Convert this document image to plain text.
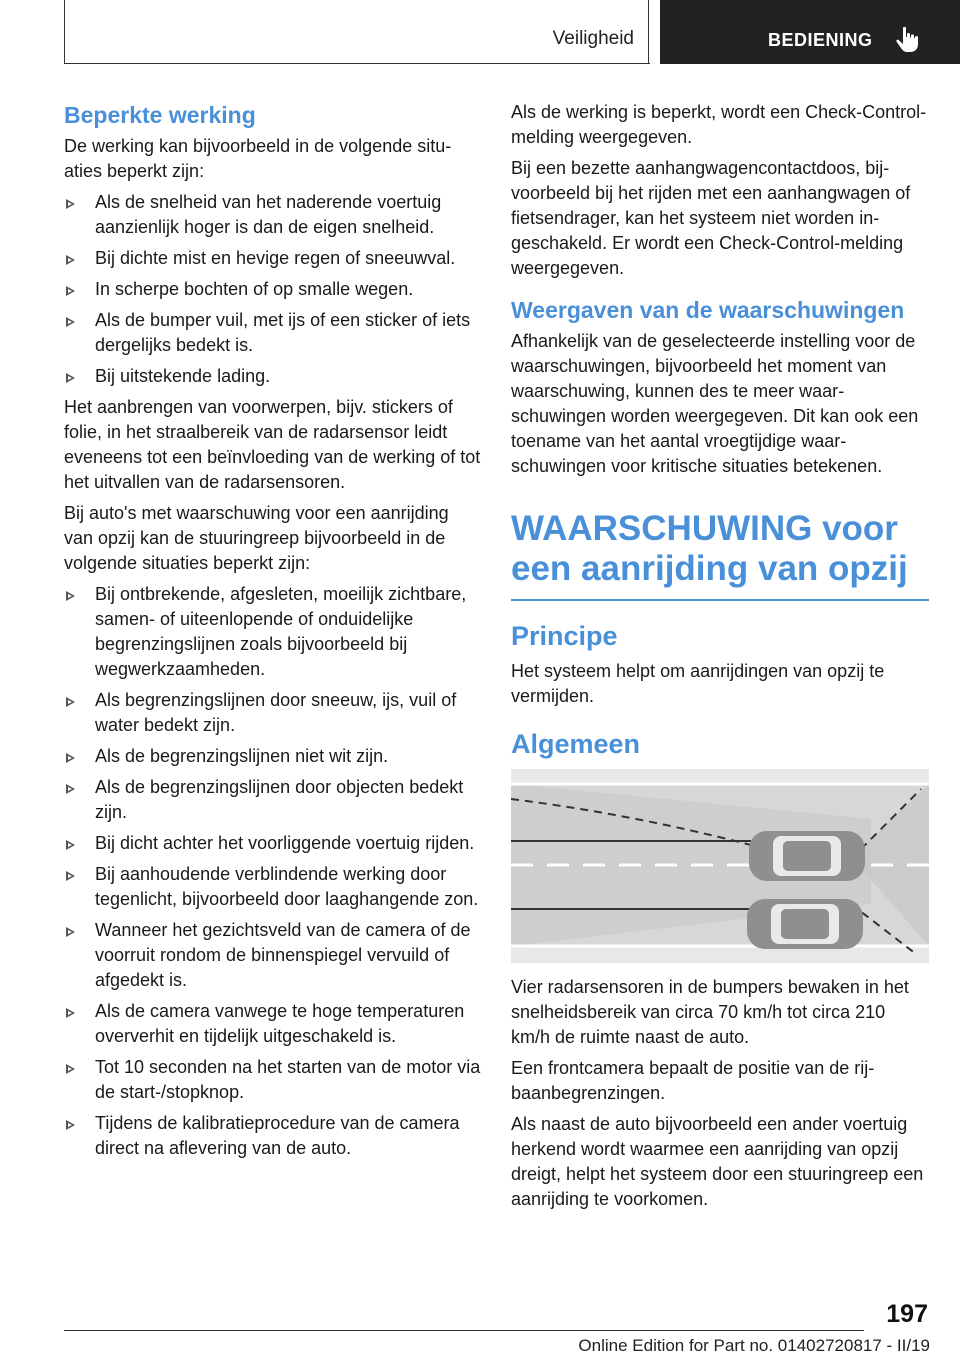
Veiligheid	BEDIENING
Beperkte werking

De werking kan bijvoorbeeld in de volgende situaties beperkt zijn:

Als de snelheid van het naderende voertuig aanzienlijk hoger is dan de eigen snelheid.
Bij dichte mist en hevige regen of sneeuwval.
In scherpe bochten of op smalle wegen.
Als de bumper vuil, met ijs of een sticker of iets dergelijks bedekt is.
Bij uitstekende lading.

Het aanbrengen van voorwerpen, bijv. stickers of folie, in het straalbereik van de radarsensor leidt eveneens tot een beïnvloeding van de werking of tot het uitvallen van de radarsensoren.

Bij auto's met waarschuwing voor een aanrijding van opzij kan de stuuringreep bijvoorbeeld in de volgende situaties beperkt zijn:

Bij ontbrekende, afgesleten, moeilijk zichtbare, samen- of uiteenlopende of onduidelijke begrenzingslijnen zoals bijvoorbeeld bij wegwerkzaamheden.
Als begrenzingslijnen door sneeuw, ijs, vuil of water bedekt zijn.
Als de begrenzingslijnen niet wit zijn.
Als de begrenzingslijnen door objecten bedekt zijn.
Bij dicht achter het voorliggende voertuig rijden.
Bij aanhoudende verblindende werking door tegenlicht, bijvoorbeeld door laaghangende zon.
Wanneer het gezichtsveld van de camera of de voorruit rondom de binnenspiegel vervuild of afgedekt is.
Als de camera vanwege te hoge temperaturen oververhit en tijdelijk uitgeschakeld is.
Tot 10 seconden na het starten van de motor via de start-/stopknop.
Tijdens de kalibratieprocedure van de camera direct na aflevering van de auto.

Als de werking is beperkt, wordt een Check-Control-melding weergegeven.

Bij een bezette aanhangwagencontactdoos, bijvoorbeeld bij het rijden met een aanhangwagen of fietsendrager, kan het systeem niet worden ingeschakeld. Er wordt een Check-Control-melding weergegeven.

Weergaven van de waarschuwingen

Afhankelijk van de geselecteerde instelling voor de waarschuwingen, bijvoorbeeld het moment van waarschuwing, kunnen des te meer waarschuwingen worden weergegeven. Dit kan ook een toename van het aantal vroegtijdige waarschuwingen voor kritische situaties betekenen.

WAARSCHUWING voor een aanrijding van opzij
Principe

Het systeem helpt om aanrijdingen van opzij te vermijden.

Algemeen

Vier radarsensoren in de bumpers bewaken in het snelheidsbereik van circa 70 km/h tot circa 210 km/h de ruimte naast de auto.

Een frontcamera bepaalt de positie van de rijbaanbegrenzingen.

Als naast de auto bijvoorbeeld een ander voertuig herkend wordt waarmee een aanrijding van opzij dreigt, helpt het systeem door een stuuringreep een aanrijding te voorkomen.

197
Online Edition for Part no. 01402720817 - II/19
